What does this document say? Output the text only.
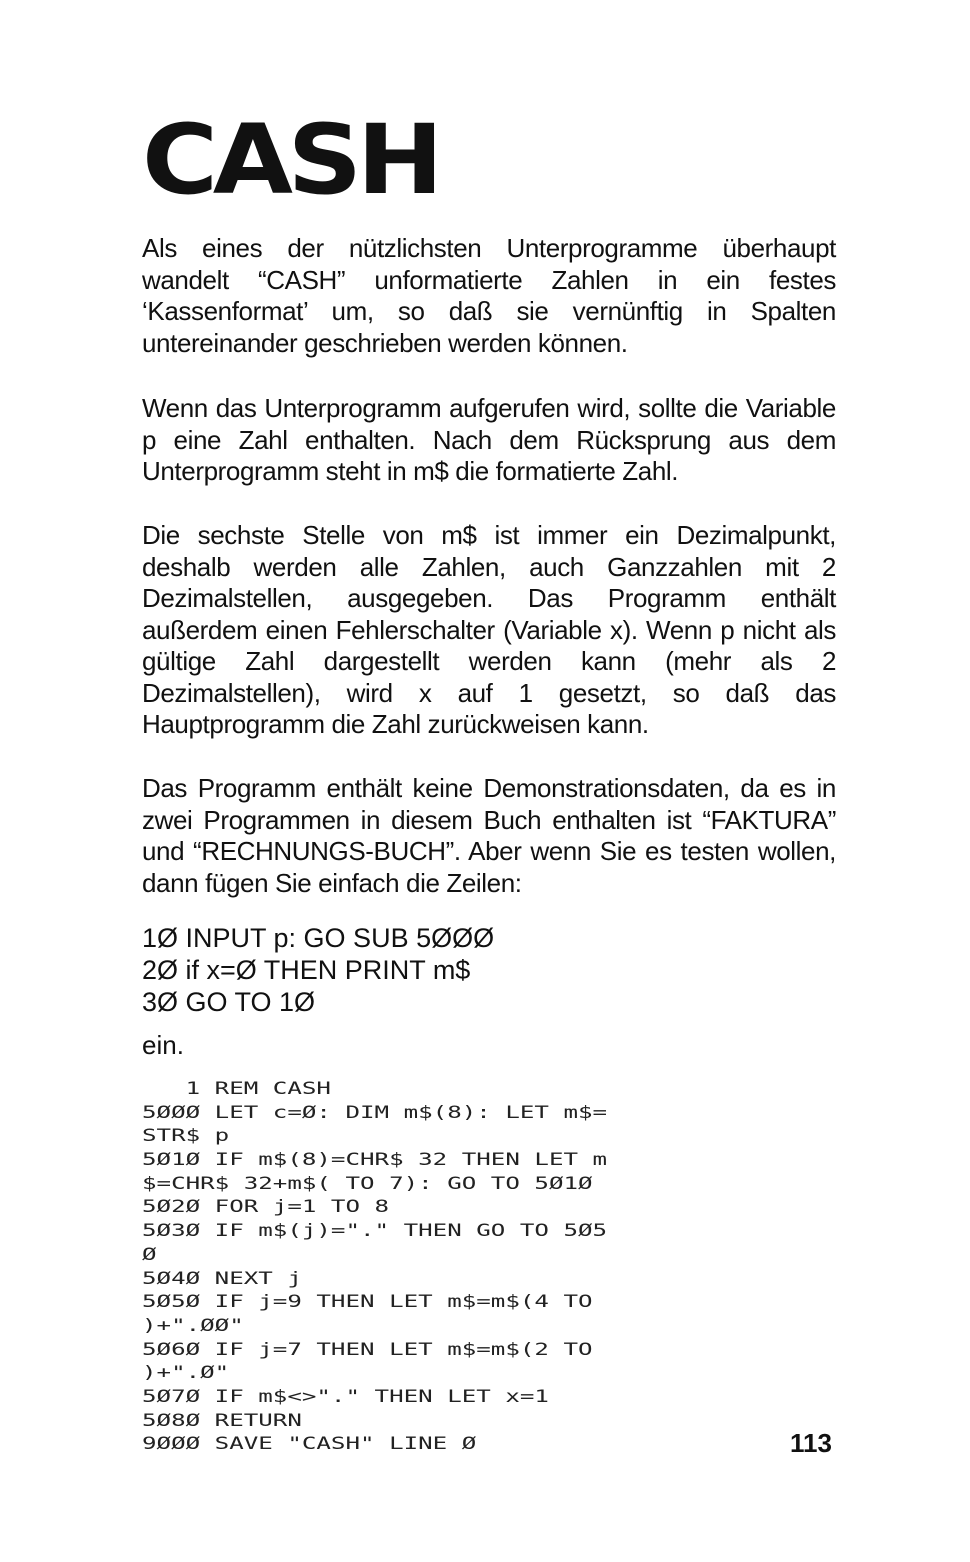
CASH
Als eines der nützlichsten Unterprogramme überhaupt wandelt “CASH” unformatierte Zahlen in ein festes ‘Kassenformat’ um, so daß sie vernünftig in Spalten untereinander geschrieben werden können.
Wenn das Unterprogramm aufgerufen wird, sollte die Variable p eine Zahl enthalten. Nach dem Rücksprung aus dem Unterprogramm steht in m$ die formatierte Zahl.
Die sechste Stelle von m$ ist immer ein Dezimalpunkt, deshalb werden alle Zahlen, auch Ganzzahlen mit 2 Dezimalstellen, ausgegeben. Das Programm enthält außerdem einen Fehlerschalter (Variable x). Wenn p nicht als gültige Zahl dargestellt werden kann (mehr als 2 Dezimalstellen), wird x auf 1 gesetzt, so daß das Hauptprogramm die Zahl zurückweisen kann.
Das Programm enthält keine Demonstrationsdaten, da es in zwei Programmen in diesem Buch enthalten ist “FAKTURA” und “RECHNUNGS-BUCH”. Aber wenn Sie es testen wollen, dann fügen Sie einfach die Zeilen:
1Ø INPUT p: GO SUB 5ØØØ
2Ø if x=Ø THEN PRINT m$
3Ø GO TO 1Ø
ein.
1 REM CASH
5ØØØ LET c=Ø: DIM m$(8): LET m$=
STR$ p
5Ø1Ø IF m$(8)=CHR$ 32 THEN LET m
$=CHR$ 32+m$( TO 7): GO TO 5Ø1Ø
5Ø2Ø FOR j=1 TO 8
5Ø3Ø IF m$(j)="." THEN GO TO 5Ø5
Ø
5Ø4Ø NEXT j
5Ø5Ø IF j=9 THEN LET m$=m$(4 TO
)+".ØØ"
5Ø6Ø IF j=7 THEN LET m$=m$(2 TO
)+".Ø"
5Ø7Ø IF m$<>"." THEN LET x=1
5Ø8Ø RETURN
9ØØØ SAVE "CASH" LINE Ø	113
